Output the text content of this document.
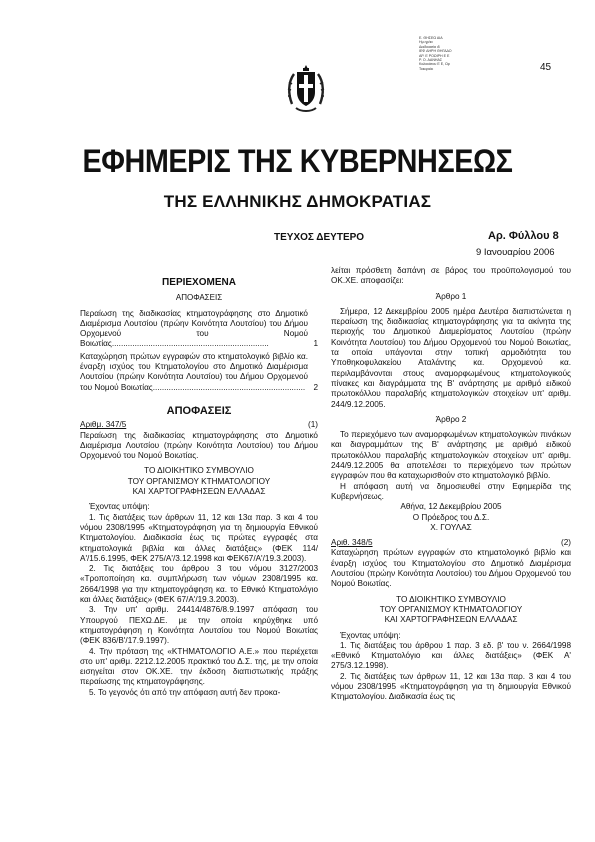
Ε. ΘΗΣΕΩ ΑΙΑ
Ημ.ηρ/ια
Διαδικασία ιδ
ΙΕΦ ΔΗΡΗ ΘΗΓΑΔΟ
ΑΡ. Ε ΡΟΩΙΡΗ Ε Ε
Ρ. Ο. ΑΑΝΗΑΣ
Καλοκάτου Ε Ε, Ωρ
Τοκοριόκ	45
ΕΦΗΜΕΡΙΣ ΤΗΣ ΚΥΒΕΡΝΗΣΕΩΣ
ΤΗΣ ΕΛΛΗΝΙΚΗΣ ΔΗΜΟΚΡΑΤΙΑΣ
ΤΕΥΧΟΣ ΔΕΥΤΕΡΟ	Αρ. Φύλλου 8
9 Ιανουαρίου 2006
ΠΕΡΙΕΧΟΜΕΝΑ
ΑΠΟΦΑΣΕΙΣ
Περαίωση της διαδικασίας κτηματογράφησης στο Δημοτικό Διαμέρισμα Λουτσίου (πρώην Κοινότητα Λουτσίου) του Δήμου Ορχομενού του Νομού Βοιωτίας.....................................................................	1
Καταχώρηση πρώτων εγγραφών στο κτηματολογικό βιβλίο κα. έναρξη ισχύος του Κτηματολογίου στο Δημοτικό Διαμέρισμα Λουτσίου (πρώην Κοινότητα Λουτσίου) του Δήμου Ορχομενού του Νομού Βοιωτίας...................................................................	2
ΑΠΟΦΑΣΕΙΣ
Αριθμ. 347/5	(1)

Περαίωση της διαδικασίας κτηματογράφησης στο Δημοτικό Διαμέρισμα Λουτσίου (πρώην Κοινότητα Λουτσίου) του Δήμου Ορχομενού του Νομού Βοιωτίας.

ΤΟ ΔΙΟΙΚΗΤΙΚΟ ΣΥΜΒΟΥΛΙΟ

ΤΟΥ ΟΡΓΑΝΙΣΜΟΥ ΚΤΗΜΑΤΟΛΟΓΙΟΥ

ΚΑΙ ΧΑΡΤΟΓΡΑΦΗΣΕΩΝ ΕΛΛΑΔΑΣ

Έχοντας υπόψη:

1. Τις διατάξεις των άρθρων 11, 12 και 13α παρ. 3 και 4 του νόμου 2308/1995 «Κτηματογράφηση για τη δημιουργία Εθνικού Κτηματολογίου. Διαδικασία έως τις πρώτες εγγραφές στα κτηματολογικά βιβλία και άλλες διατάξεις» (ΦΕΚ 114/Α'/15.6.1995, ΦΕΚ 275/Α'/3.12.1998 και ΦΕΚ67/Α'/19.3.2003).

2. Τις διατάξεις του άρθρου 3 του νόμου 3127/2003 «Τροποποίηση κα. συμπλήρωση των νόμων 2308/1995 κα. 2664/1998 για την κτηματογράφηση κα. το Εθνικό Κτηματολόγιο και άλλες διατάξεις» (ΦΕΚ 67/Α'/19.3.2003).

3. Την υπ' αριθμ. 24414/4876/8.9.1997 απόφαση του Υπουργού ΠΕΧΩ.ΔΕ. με την οποία κηρύχθηκε υπό κτηματογράφηση η Κοινότητα Λουτσίου του Νομού Βοιωτίας (ΦΕΚ 836/Β'/17.9.1997).

4. Την πρόταση της «ΚΤΗΜΑΤΟΛΟΓΙΟ Α.Ε.» που περιέχεται στο υπ' αριθμ. 2212.12.2005 πρακτικό του Δ.Σ. της, με την οποία εισηγείται στον ΟΚ.ΧΕ. την έκδοση διαπιστωτικής πράξης περαίωσης της κτηματογράφησης.

5. Το γεγονός ότι από την απόφαση αυτή δεν προκα-

λείται πρόσθετη δαπάνη σε βάρος του προϋπολογισμού του ΟΚ.ΧΕ. αποφασίζει:

Άρθρο 1

Σήμερα, 12 Δεκεμβρίου 2005 ημέρα Δευτέρα διαπιστώνεται η περαίωση της διαδικασίας κτηματογράφησης για τα ακίνητα της περιοχής του Δημοτικού Διαμερίσματος Λουτσίου (πρώην Κοινότητα Λουτσίου) του Δήμου Ορχομενού του Νομού Βοιωτίας, τα οποία υπάγονται στην τοπική αρμοδιότητα του Υποθηκοφυλακείου Αταλάντης κα. Ορχομενού κα. περιλαμβάνονται στους αναμορφωμένους κτηματολογικούς πίνακες και διαγράμματα της Β' ανάρτησης με αριθμό ειδικού πρωτοκόλλου παραλαβής κτηματολογικών στοιχείων υπ' αριθμ. 244/9.12.2005.

Άρθρο 2

Το περιεχόμενο των αναμορφωμένων κτηματολογικών πινάκων και διαγραμμάτων της Β' ανάρτησης με αριθμό ειδικού πρωτοκόλλου παραλαβής κτηματολογικών στοιχείων υπ' αριθμ. 244/9.12.2005 θα αποτελέσει το περιεχόμενο των πρώτων εγγραφών που θα καταχωρισθούν στο κτηματολογικό βιβλίο.

Η απόφαση αυτή να δημοσιευθεί στην Εφημερίδα της Κυβερνήσεως.

Αθήνα, 12 Δεκεμβρίου 2005

Ο Πρόεδρος του Δ.Σ.

Χ. ΓΟΥΛΑΣ

Αριθ. 348/5	(2)

Καταχώρηση πρώτων εγγραφών στο κτηματολογικό βιβλίο και έναρξη ισχύος του Κτηματολογίου στο Δημοτικό Διαμέρισμα Λουτσίου (πρώην Κοινότητα Λουτσίου) του Δήμου Ορχομενού του Νομού Βοιωτίας.

ΤΟ ΔΙΟΙΚΗΤΙΚΟ ΣΥΜΒΟΥΛΙΟ

ΤΟΥ ΟΡΓΑΝΙΣΜΟΥ ΚΤΗΜΑΤΟΛΟΓΙΟΥ

ΚΑΙ ΧΑΡΤΟΓΡΑΦΗΣΕΩΝ ΕΛΛΑΔΑΣ

Έχοντας υπόψη:

1. Τις διατάξεις του άρθρου 1 παρ. 3 εδ. β' του ν. 2664/1998 «Εθνικό Κτηματολόγιο και άλλες διατάξεις» (ΦΕΚ Α' 275/3.12.1998).

2. Τις διατάξεις των άρθρων 11, 12 και 13α παρ. 3 και 4 του νόμου 2308/1995 «Κτηματογράφηση για τη δημιουργία Εθνικού Κτηματολογίου. Διαδικασία έως τις
